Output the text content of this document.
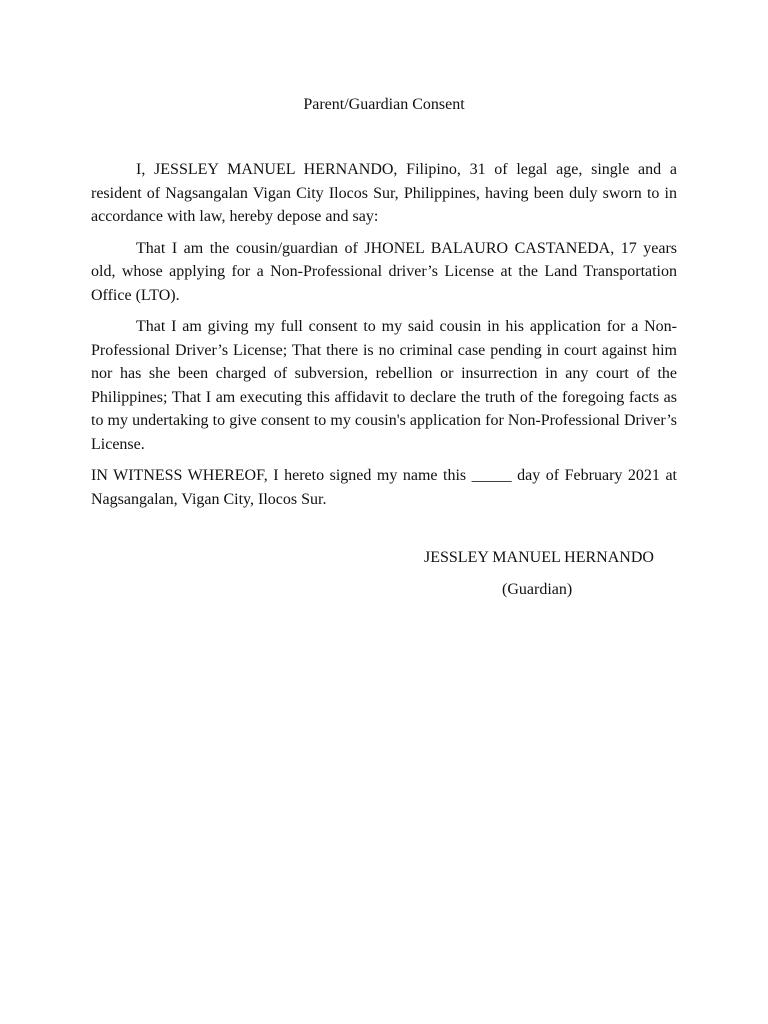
Parent/Guardian Consent

I, JESSLEY MANUEL HERNANDO, Filipino, 31 of legal age, single and a resident of Nagsangalan Vigan City Ilocos Sur, Philippines, having been duly sworn to in accordance with law, hereby depose and say:

That I am the cousin/guardian of JHONEL BALAURO CASTANEDA, 17 years old, whose applying for a Non-Professional driver’s License at the Land Transportation Office (LTO).

That I am giving my full consent to my said cousin in his application for a Non-Professional Driver’s License; That there is no criminal case pending in court against him nor has she been charged of subversion, rebellion or insurrection in any court of the Philippines; That I am executing this affidavit to declare the truth of the foregoing facts as to my undertaking to give consent to my cousin's application for Non-Professional Driver’s License.

IN WITNESS WHEREOF, I hereto signed my name this _____ day of February 2021 at Nagsangalan, Vigan City, Ilocos Sur.

JESSLEY MANUEL HERNANDO
(Guardian)
